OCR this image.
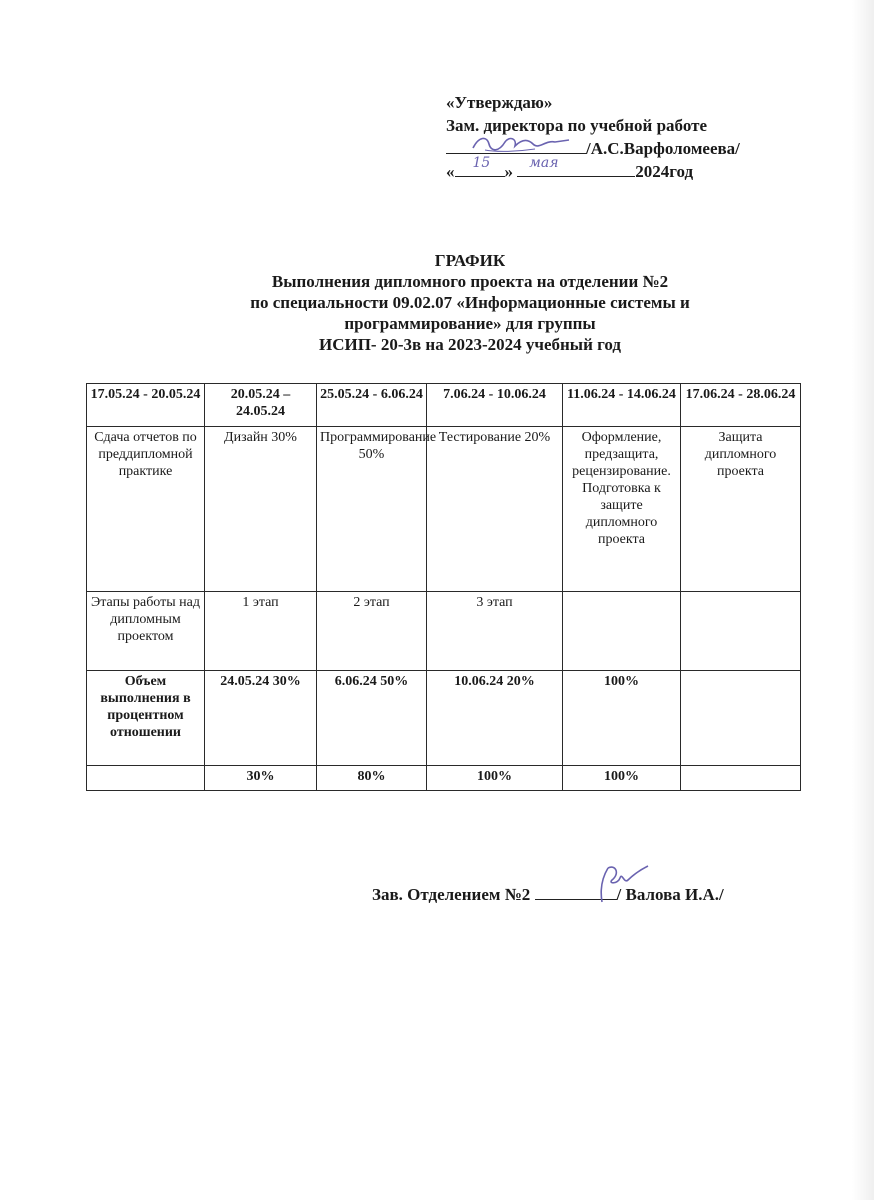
«Утверждаю»
Зам. директора по учебной работе
/А.С.Варфоломеева/
« 15 » мая	2024год
ГРАФИК
Выполнения дипломного проекта на отделении №2
по специальности 09.02.07 «Информационные системы и
программирование» для группы
ИСИП- 20-3в на 2023-2024 учебный год
17.05.24 - 20.05.24	20.05.24 – 24.05.24	25.05.24 - 6.06.24	7.06.24 - 10.06.24	11.06.24 - 14.06.24	17.06.24 - 28.06.24
Сдача отчетов по преддипломной практике	Дизайн 30%	Программирование 50%	Тестирование 20%	Оформление, предзащита, рецензирование. Подготовка к защите дипломного проекта	Защита дипломного проекта
Этапы работы над дипломным проектом	1 этап	2 этап	3 этап		
Объем выполнения в процентном отношении	24.05.24 30%	6.06.24 50%	10.06.24 20%	100%	
	30%	80%	100%	100%	
Зав. Отделением №2	/ Валова И.А./
